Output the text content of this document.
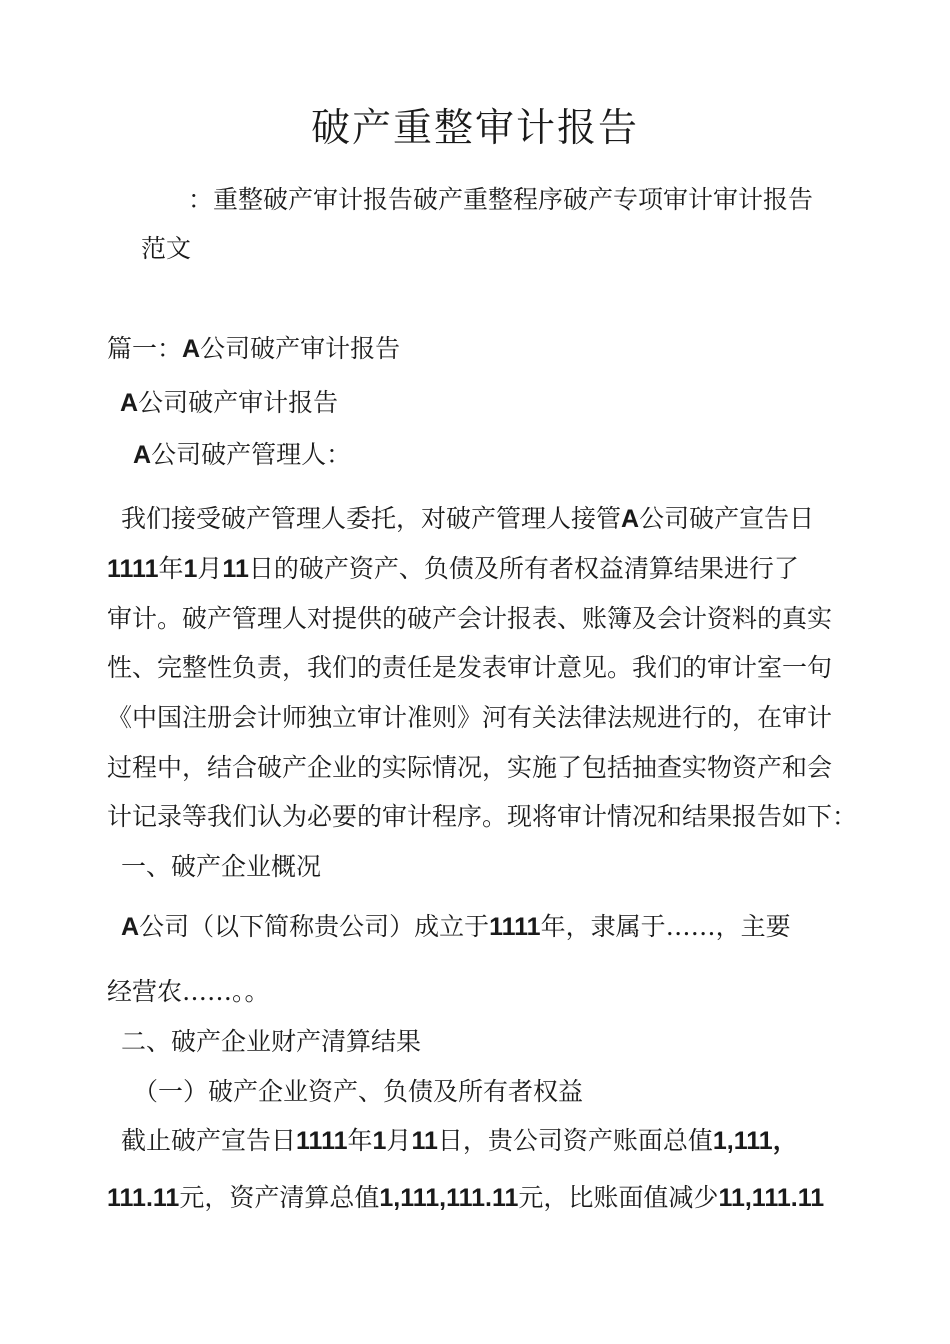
破产重整审计报告
：重整破产审计报告破产重整程序破产专项审计审计报告
范文
篇一：A公司破产审计报告
A公司破产审计报告
A公司破产管理人：
我们接受破产管理人委托，对破产管理人接管A公司破产宣告日
1111年1月11日的破产资产、负债及所有者权益清算结果进行了
审计。破产管理人对提供的破产会计报表、账簿及会计资料的真实
性、完整性负责，我们的责任是发表审计意见。我们的审计室一句
《中国注册会计师独立审计准则》河有关法律法规进行的，在审计
过程中，结合破产企业的实际情况，实施了包括抽查实物资产和会
计记录等我们认为必要的审计程序。现将审计情况和结果报告如下：
一、破产企业概况
A公司（以下简称贵公司）成立于1111年，隶属于……，主要
经营农……。。
二、破产企业财产清算结果
（一）破产企业资产、负债及所有者权益
截止破产宣告日1111年1月11日，贵公司资产账面总值1,111，
111.11元，资产清算总值1,111,111.11元，比账面值减少11,111.11
